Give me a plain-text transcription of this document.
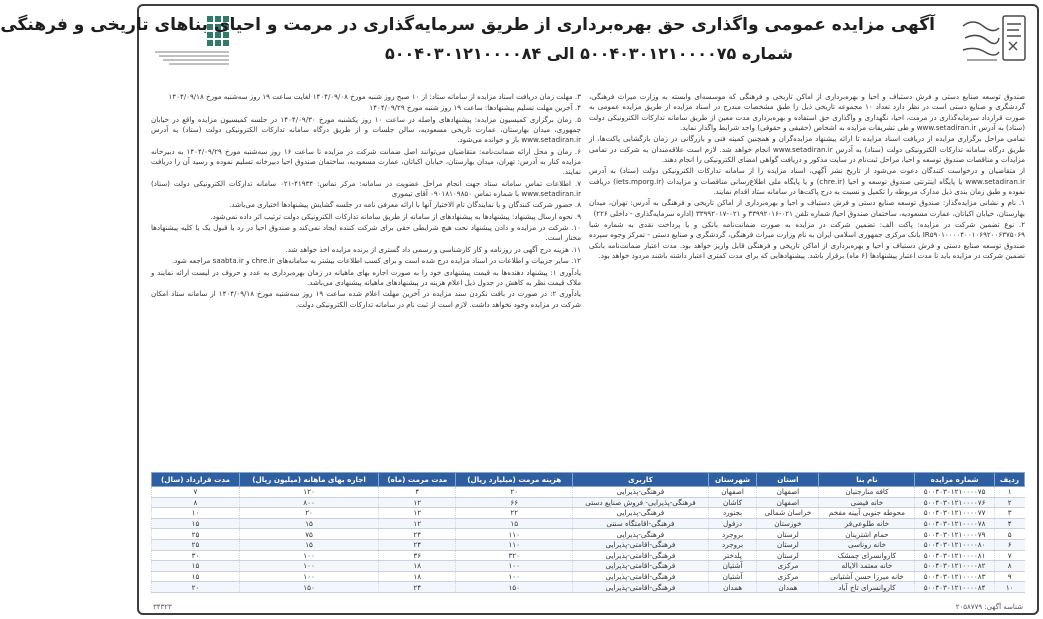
آگهی مزایده عمومی واگذاری حق بهره‌برداری از طریق سرمایه‌گذاری در مرمت و احیای بناهای تاریخی و فرهنگی
شماره ۵۰۰۴۰۳۰۱۲۱۰۰۰۰۷۵ الی ۵۰۰۴۰۳۰۱۲۱۰۰۰۰۸۴

صندوق توسعه صنایع دستی و فرش دستباف و احیا و بهره‌برداری از اماکن تاریخی و فرهنگی که موسسه‌ای وابسته به وزارت میراث فرهنگی، گردشگری و صنایع دستی است در نظر دارد تعداد ۱۰ مجموعه تاریخی ذیل را طبق مشخصات مندرج در اسناد مزایده از طریق مزایده عمومی به صورت قرارداد سرمایه‌گذاری در مرمت، احیا، نگهداری و واگذاری حق استفاده و بهره‌برداری مدت معین از طریق سامانه تدارکات الکترونیکی دولت (ستاد) به آدرس www.setadiran.ir و طی تشریفات مزایده به اشخاص (حقیقی و حقوقی) واجد شرایط واگذار نماید.

تمامی مراحل برگزاری مزایده از دریافت اسناد مزایده تا ارائه پیشنهاد مزایده‌گران و همچنین کمیته فنی و بازرگانی در زمان بازگشایی پاکت‌ها، از طریق درگاه سامانه تدارکات الکترونیکی دولت (ستاد) به آدرس www.setadiran.ir انجام خواهد شد. لازم است علاقه‌مندان به شرکت در تمامی مزایدات و مناقصات صندوق توسعه و احیا، مراحل ثبت‌نام در سایت مذکور و دریافت گواهی امضای الکترونیکی را انجام دهند.

از متقاضیان و درخواست کنندگان دعوت می‌شود از تاریخ نشر آگهی، اسناد مزایده را از سامانه تدارکات الکترونیکی دولت (ستاد) به آدرس www.setadiran.ir یا پایگاه اینترنتی صندوق توسعه و احیا (chre.ir) و یا پایگاه ملی اطلاع‌رسانی مناقصات و مزایدات (iets.mporg.ir) دریافت نموده و طبق زمان بندی ذیل مدارک مربوطه را تکمیل و نسبت به درج پاکت‌ها در سامانه ستاد اقدام نمایند.

۱. نام و نشانی مزایده‌گذار: صندوق توسعه صنایع دستی و فرش دستباف و احیا و بهره‌برداری از اماکن تاریخی و فرهنگی به آدرس: تهران، میدان بهارستان، خیابان اکباتان، عمارت مسعودیه، ساختمان صندوق احیا/ شماره تلفن ۰۲۱-۳۳۹۹۲۰۱۶ و ۰۲۱-۳۳۹۹۲۰۱۷ (اداره سرمایه‌گذاری - داخلی ۲۲۶)

۲. نوع تضمین شرکت در مزایده: پاکت الف: تضمین شرکت در مزایده به صورت ضمانت‌نامه بانکی و یا پرداخت نقدی به شماره شبا IR۵۹۰۱۰۰۰۰۴۰۰۱۰۶۹۲۰۰۶۳۷۵۰۶۹ بانک مرکزی جمهوری اسلامی ایران به نام وزارت میراث فرهنگی، گردشگری و صنایع دستی - تمرکز وجوه سپرده صندوق توسعه صنایع دستی و فرش دستباف و احیا و بهره‌برداری از اماکن تاریخی و فرهنگی قابل واریز خواهد بود. مدت اعتبار ضمانت‌نامه بانکی تضمین شرکت در مزایده باید تا مدت اعتبار پیشنهادها (۶ ماه) برقرار باشد. پیشنهادهایی که برای مدت کمتری اعتبار داشته باشند مردود خواهد بود.

۳. مهلت زمان دریافت اسناد مزایده از سامانه ستاد: از ۱۰ صبح روز شنبه مورخ ۱۴۰۴/۰۹/۰۸ لغایت ساعت ۱۹ روز سه‌شنبه مورخ ۱۴۰۴/۰۹/۱۸

۴. آخرین مهلت تسلیم پیشنهادها: ساعت ۱۹ روز شنبه مورخ ۱۴۰۴/۰۹/۲۹

۵. زمان برگزاری کمیسیون مزایده: پیشنهادهای واصله در ساعت ۱۰ روز یکشنبه مورخ ۱۴۰۴/۰۹/۳۰ در جلسه کمیسیون مزایده واقع در خیابان جمهوری، میدان بهارستان، عمارت تاریخی مسعودیه، سالن جلسات و از طریق درگاه سامانه تدارکات الکترونیکی دولت (ستاد) به آدرس www.setadiran.ir باز و خوانده می‌شود.

۶. زمان و محل ارائه ضمانت‌نامه: متقاضیان می‌توانند اصل ضمانت شرکت در مزایده تا ساعت ۱۶ روز سه‌شنبه مورخ ۱۴۰۴/۰۹/۲۹ به دبیرخانه مزایده کنار به آدرس: تهران، میدان بهارستان، خیابان اکباتان، عمارت مسعودیه، ساختمان صندوق احیا دبیرخانه تسلیم نموده و رسید آن را دریافت نمایند.

۷. اطلاعات تماس سامانه ستاد جهت انجام مراحل عضویت در سامانه: مرکز تماس: ۴۱۹۳۴-۰۲۱ سامانه تدارکات الکترونیکی دولت (ستاد) www.setadiran.ir با شماره تماس ۰۹۰۱۸۱۰۹۸۵۰ آقای تیموری

۸. حضور شرکت کنندگان و یا نمایندگان تام الاختیار آنها با ارائه معرفی نامه در جلسه گشایش پیشنهادها اختیاری می‌باشد.

۹. نحوه ارسال پیشنهاد: پیشنهادها به پیشنهادهای از سامانه از طریق سامانه تدارکات الکترونیکی دولت ترتیب اثر داده نمی‌شود.

۱۰. شرکت در مزایده و دادن پیشنهاد نحت هیچ شرایطی حقی برای شرکت کننده ایجاد نمی‌کند و صندوق احیا در رد یا قبول یک یا کلیه پیشنهادها مختار است.

۱۱. هزینه درج آگهی در روزنامه و کار کارشناسی و رسمی داد گستری از برنده مزایده اخذ خواهد شد.

۱۲. سایر جزییات و اطلاعات در اسناد مزایده درج شده است و برای کسب اطلاعات بیشتر به سامانه‌های chre.ir و saabta.ir مراجعه شود.

یادآوری ۱: پیشنهاد دهنده‌ها به قیمت پیشنهادی خود را به صورت اجاره بهای ماهیانه در زمان بهره‌برداری به عدد و حروف در لیست ارائه نمایند و ملاک قیمت نظر به کاهش در جدول ذیل اعلام هزینه در پیشنهادهای ماهیانه پیشنهادی می‌باشد.

یادآوری ۲: در صورت در بافت نکردن سند مزایده در آخرین مهلت اعلام شده ساعت ۱۹ روز سه‌شنبه مورخ ۱۴۰۴/۰۹/۱۸ از سامانه ستاد امکان شرکت در مزایده وجود نخواهد داشت. لازم است از ثبت نام در سامانه تدارکات الکترونیکی دولت.

ردیف	شماره مزایده	نام بنا	استان	شهرستان	کاربری	هزینه مرمت (میلیارد ریال)	مدت مرمت (ماه)	اجاره بهای ماهانه (میلیون ریال)	مدت قرارداد (سال)
۱	۵۰۰۴۰۳۰۱۲۱۰۰۰۰۷۵	کافه منارجنبان	اصفهان	اصفهان	فرهنگی-پذیرایی	۲۰	۴	۱۲۰	۷
۲	۵۰۰۴۰۳۰۱۲۱۰۰۰۰۷۶	خانه فیضی	اصفهان	کاشان	فرهنگی-پذیرایی- فروش صنایع دستی	۶۶	۱۲	۸۰۰	۸
۳	۵۰۰۴۰۳۰۱۲۱۰۰۰۰۷۷	محوطه جنوبی آیینه مفخم	خراسان شمالی	بجنورد	فرهنگی-پذیرایی	۲۲	۱۲	۲۰	۱۰
۴	۵۰۰۴۰۳۰۱۲۱۰۰۰۰۷۸	خانه طلوعی‌فر	خوزستان	دزفول	فرهنگی-اقامتگاه سنتی	۱۵	۱۲	۱۵	۱۵
۵	۵۰۰۴۰۳۰۱۲۱۰۰۰۰۷۹	حمام اشترینان	لرستان	بروجرد	فرهنگی-پذیرایی	۱۱۰	۲۴	۷۵	۲۵
۶	۵۰۰۴۰۳۰۱۲۱۰۰۰۰۸۰	خانه روناسی	لرستان	بروجرد	فرهنگی-اقامتی-پذیرایی	۱۱۰	۲۴	۱۵	۲۵
۷	۵۰۰۴۰۳۰۱۲۱۰۰۰۰۸۱	کاروانسرای چمشک	لرستان	پلدختر	فرهنگی-اقامتی-پذیرایی	۳۲۰	۳۶	۱۰۰	۳۰
۸	۵۰۰۴۰۳۰۱۲۱۰۰۰۰۸۲	خانه معتمد الایاله	مرکزی	آشتیان	فرهنگی-اقامتی-پذیرایی	۱۰۰	۱۸	۱۰۰	۱۵
۹	۵۰۰۴۰۳۰۱۲۱۰۰۰۰۸۳	خانه میرزا حسن آشتیانی	مرکزی	آشتیان	فرهنگی-اقامتی-پذیرایی	۱۰۰	۱۸	۱۰۰	۱۵
۱۰	۵۰۰۴۰۳۰۱۲۱۰۰۰۰۸۴	کاروانسرای تاج آباد	همدان	همدان	فرهنگی-اقامتی-پذیرایی	۱۵۰	۲۴	۱۵۰	۲۰
شناسه آگهی: ۲۰۵۸۷۷۹
۳۴۳۲۳
